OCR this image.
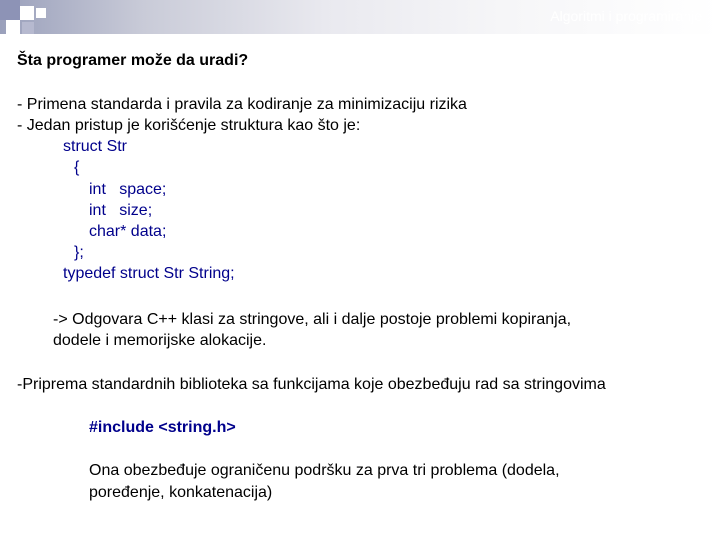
Algoritmi i programiranje
Šta programer može da uradi?
- Primena standarda i pravila za kodiranje za minimizaciju rizika
- Jedan pristup je korišćenje struktura kao što je:
struct Str
{
int   space;
int   size;
char* data;
};
typedef struct Str String;
-> Odgovara C++ klasi za stringove, ali i dalje postoje problemi kopiranja,
dodele i memorijske alokacije.
-Priprema standardnih biblioteka sa funkcijama koje obezbeđuju rad sa stringovima
#include <string.h>
Ona obezbeđuje ograničenu podršku za prva tri problema (dodela,
poređenje, konkatenacija)
